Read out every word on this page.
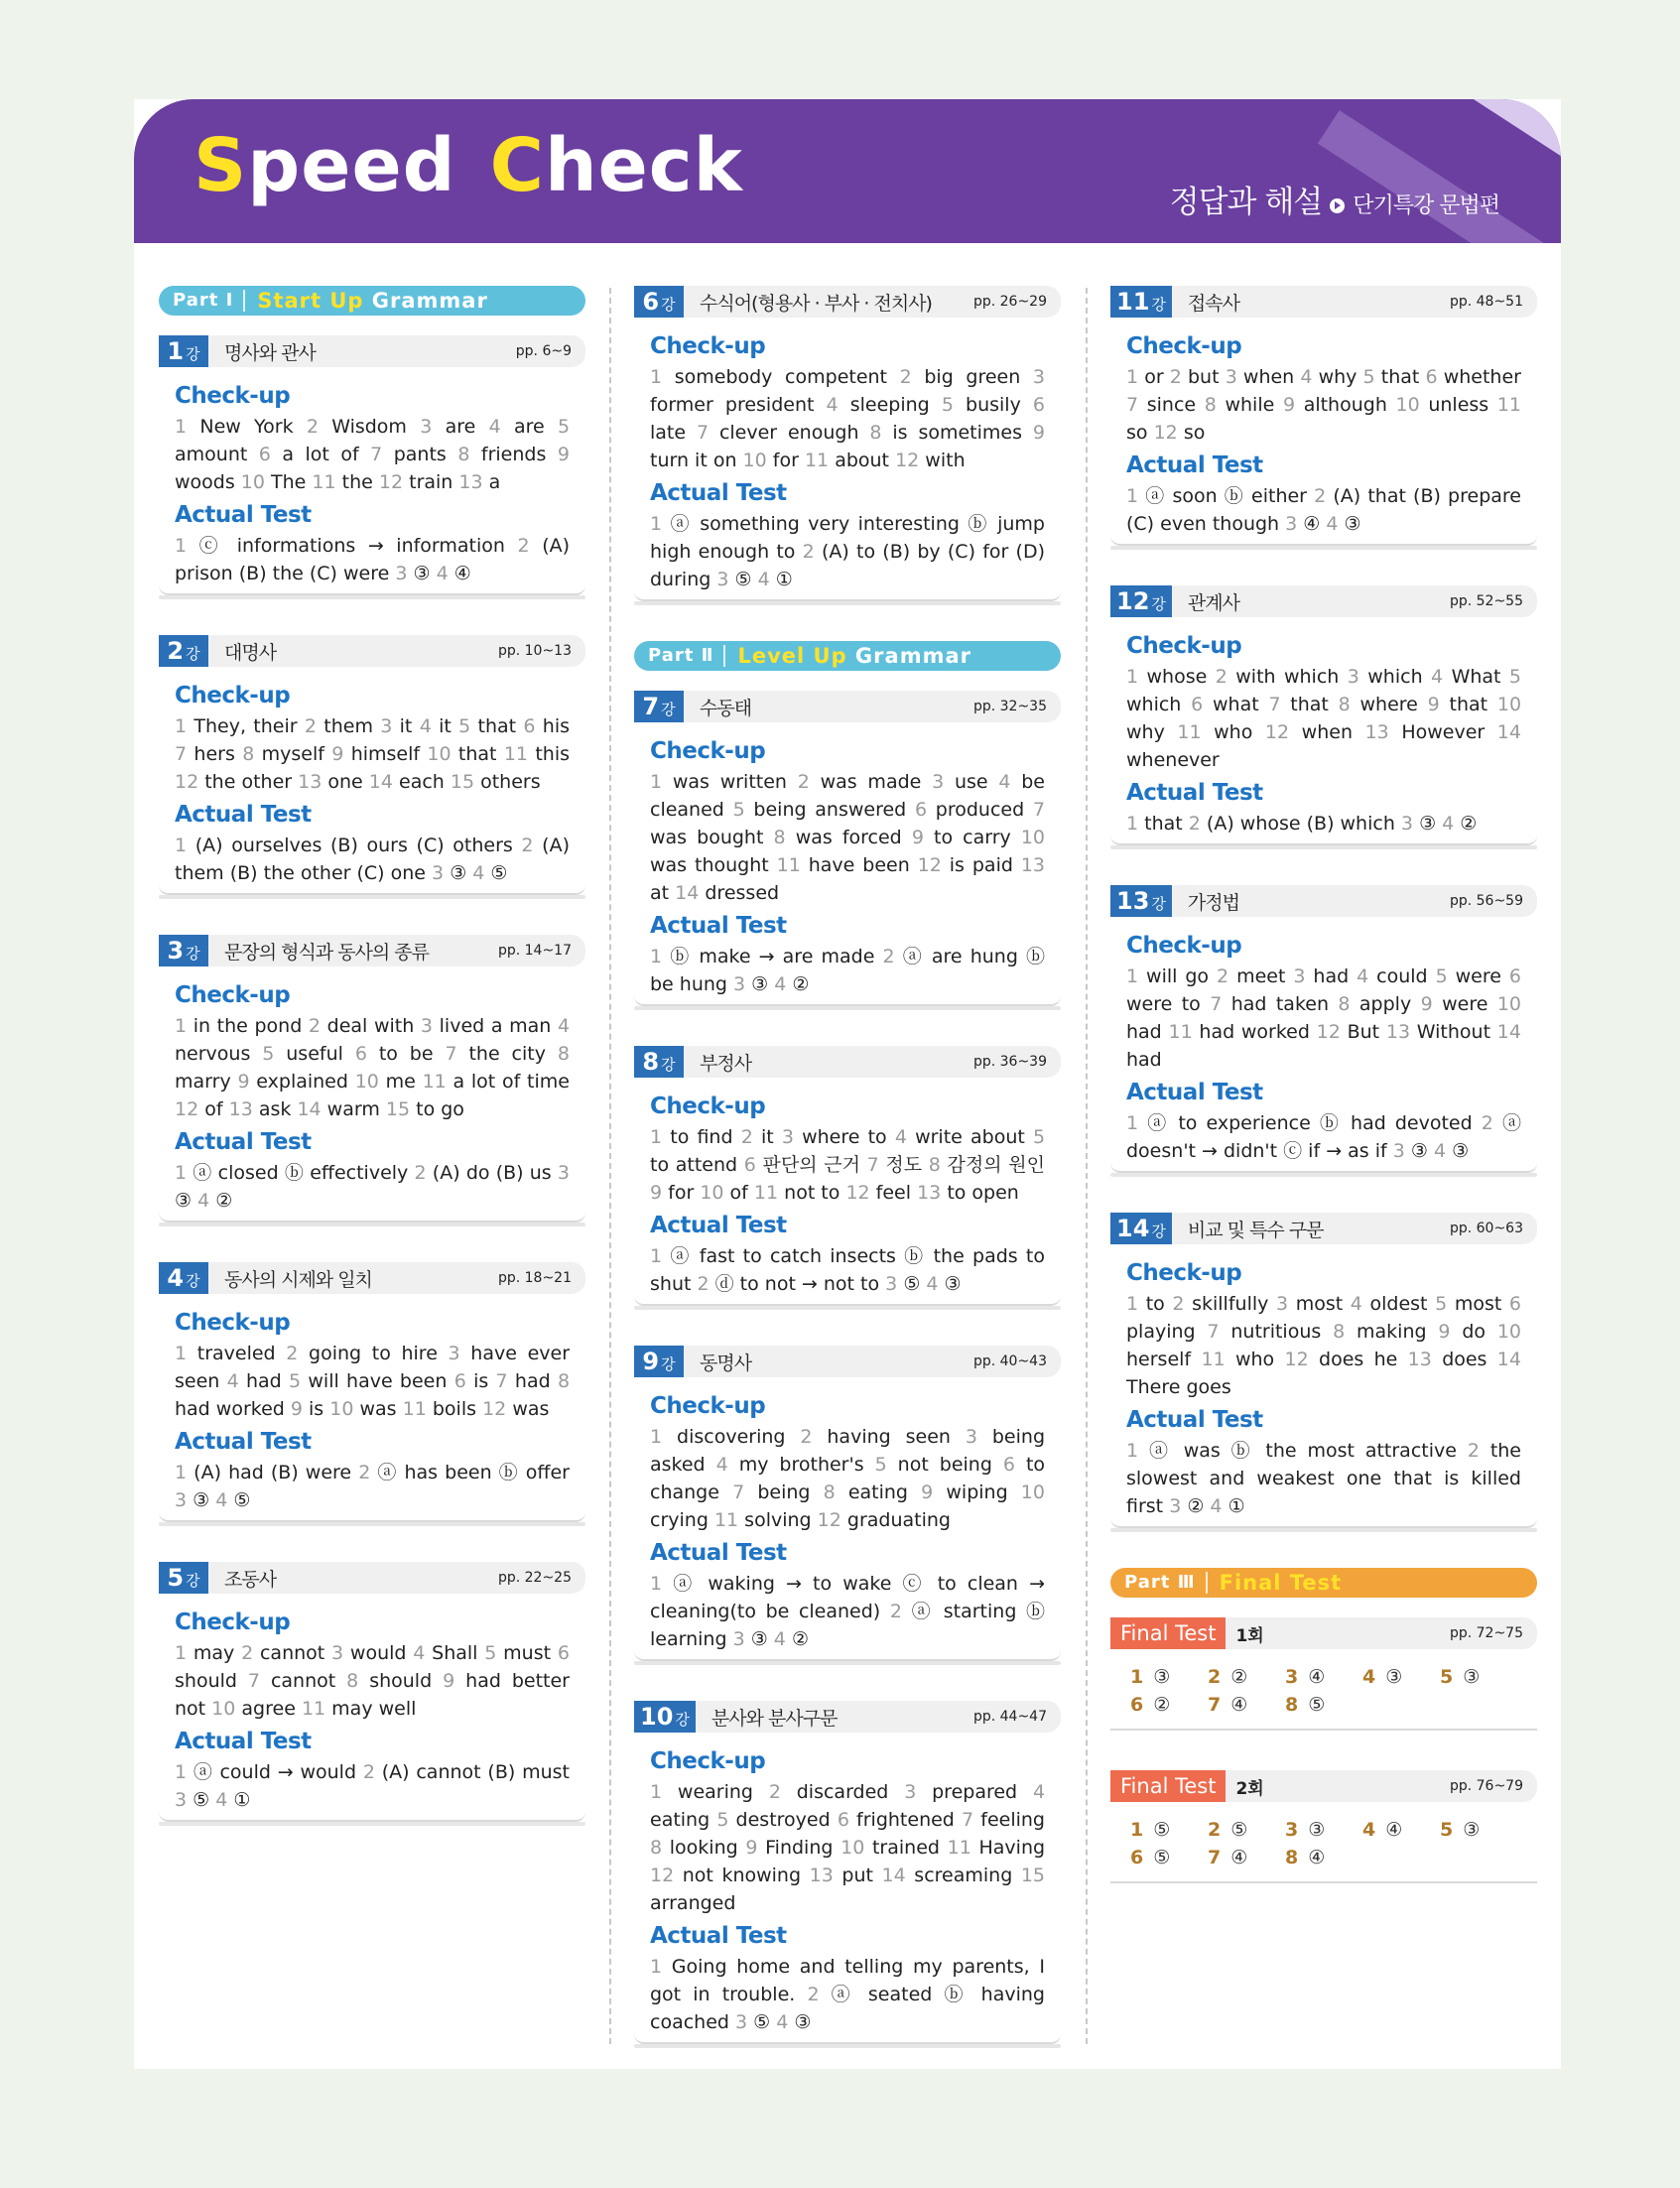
Speed Check	정답과 해설 단기특강 문법편
Part Ⅰ	Start Up Grammar
1 강	명사와 관사	pp. 6~9
Check-up
1 New York 2 Wisdom 3 are 4 are 5 amount 6 a lot of 7 pants 8 friends 9 woods 10 The 11 the 12 train 13 a
Actual Test
1 ⓒ informations → information 2 (A) prison (B) the (C) were 3 ③ 4 ④
2 강	대명사	pp. 10~13
Check-up
1 They, their 2 them 3 it 4 it 5 that 6 his 7 hers 8 myself 9 himself 10 that 11 this 12 the other 13 one 14 each 15 others
Actual Test
1 (A) ourselves (B) ours (C) others 2 (A) them (B) the other (C) one 3 ③ 4 ⑤
3 강	문장의 형식과 동사의 종류	pp. 14~17
Check-up
1 in the pond 2 deal with 3 lived a man 4 nervous 5 useful 6 to be 7 the city 8 marry 9 explained 10 me 11 a lot of time 12 of 13 ask 14 warm 15 to go
Actual Test
1 ⓐ closed ⓑ effectively 2 (A) do (B) us 3 ③ 4 ②
4 강	동사의 시제와 일치	pp. 18~21
Check-up
1 traveled 2 going to hire 3 have ever seen 4 had 5 will have been 6 is 7 had 8 had worked 9 is 10 was 11 boils 12 was
Actual Test
1 (A) had (B) were 2 ⓐ has been ⓑ offer 3 ③ 4 ⑤
5 강	조동사	pp. 22~25
Check-up
1 may 2 cannot 3 would 4 Shall 5 must 6 should 7 cannot 8 should 9 had better not 10 agree 11 may well
Actual Test
1 ⓐ could → would 2 (A) cannot (B) must 3 ⑤ 4 ①
6 강	수식어(형용사 · 부사 · 전치사)	pp. 26~29
Check-up
1 somebody competent 2 big green 3 former president 4 sleeping 5 busily 6 late 7 clever enough 8 is sometimes 9 turn it on 10 for 11 about 12 with
Actual Test
1 ⓐ something very interesting ⓑ jump high enough to 2 (A) to (B) by (C) for (D) during 3 ⑤ 4 ①
Part Ⅱ	Level Up Grammar
7 강	수동태	pp. 32~35
Check-up
1 was written 2 was made 3 use 4 be cleaned 5 being answered 6 produced 7 was bought 8 was forced 9 to carry 10 was thought 11 have been 12 is paid 13 at 14 dressed
Actual Test
1 ⓑ make → are made 2 ⓐ are hung ⓑ be hung 3 ③ 4 ②
8 강	부정사	pp. 36~39
Check-up
1 to find 2 it 3 where to 4 write about 5 to attend 6 판단의 근거 7 정도 8 감정의 원인 9 for 10 of 11 not to 12 feel 13 to open
Actual Test
1 ⓐ fast to catch insects ⓑ the pads to shut 2 ⓓ to not → not to 3 ⑤ 4 ③
9 강	동명사	pp. 40~43
Check-up
1 discovering 2 having seen 3 being asked 4 my brother's 5 not being 6 to change 7 being 8 eating 9 wiping 10 crying 11 solving 12 graduating
Actual Test
1 ⓐ waking → to wake ⓒ to clean → cleaning(to be cleaned) 2 ⓐ starting ⓑ learning 3 ③ 4 ②
10 강	분사와 분사구문	pp. 44~47
Check-up
1 wearing 2 discarded 3 prepared 4 eating 5 destroyed 6 frightened 7 feeling 8 looking 9 Finding 10 trained 11 Having 12 not knowing 13 put 14 screaming 15 arranged
Actual Test
1 Going home and telling my parents, I got in trouble. 2 ⓐ seated ⓑ having coached 3 ⑤ 4 ③
11 강	접속사	pp. 48~51
Check-up
1 or 2 but 3 when 4 why 5 that 6 whether 7 since 8 while 9 although 10 unless 11 so 12 so
Actual Test
1 ⓐ soon ⓑ either 2 (A) that (B) prepare (C) even though 3 ④ 4 ③
12 강	관계사	pp. 52~55
Check-up
1 whose 2 with which 3 which 4 What 5 which 6 what 7 that 8 where 9 that 10 why 11 who 12 when 13 However 14 whenever
Actual Test
1 that 2 (A) whose (B) which 3 ③ 4 ②
13 강	가정법	pp. 56~59
Check-up
1 will go 2 meet 3 had 4 could 5 were 6 were to 7 had taken 8 apply 9 were 10 had 11 had worked 12 But 13 Without 14 had
Actual Test
1 ⓐ to experience ⓑ had devoted 2 ⓐ doesn't → didn't ⓒ if → as if 3 ③ 4 ③
14 강	비교 및 특수 구문	pp. 60~63
Check-up
1 to 2 skillfully 3 most 4 oldest 5 most 6 playing 7 nutritious 8 making 9 do 10 herself 11 who 12 does he 13 does 14 There goes
Actual Test
1 ⓐ was ⓑ the most attractive 2 the slowest and weakest one that is killed first 3 ② 4 ①
Part Ⅲ	Final Test
Final Test	1회	pp. 72~75
1 ③	2 ②	3 ④	4 ③	5 ③
6 ②	7 ④	8 ⑤
Final Test	2회	pp. 76~79
1 ⑤	2 ⑤	3 ③	4 ④	5 ③
6 ⑤	7 ④	8 ④
